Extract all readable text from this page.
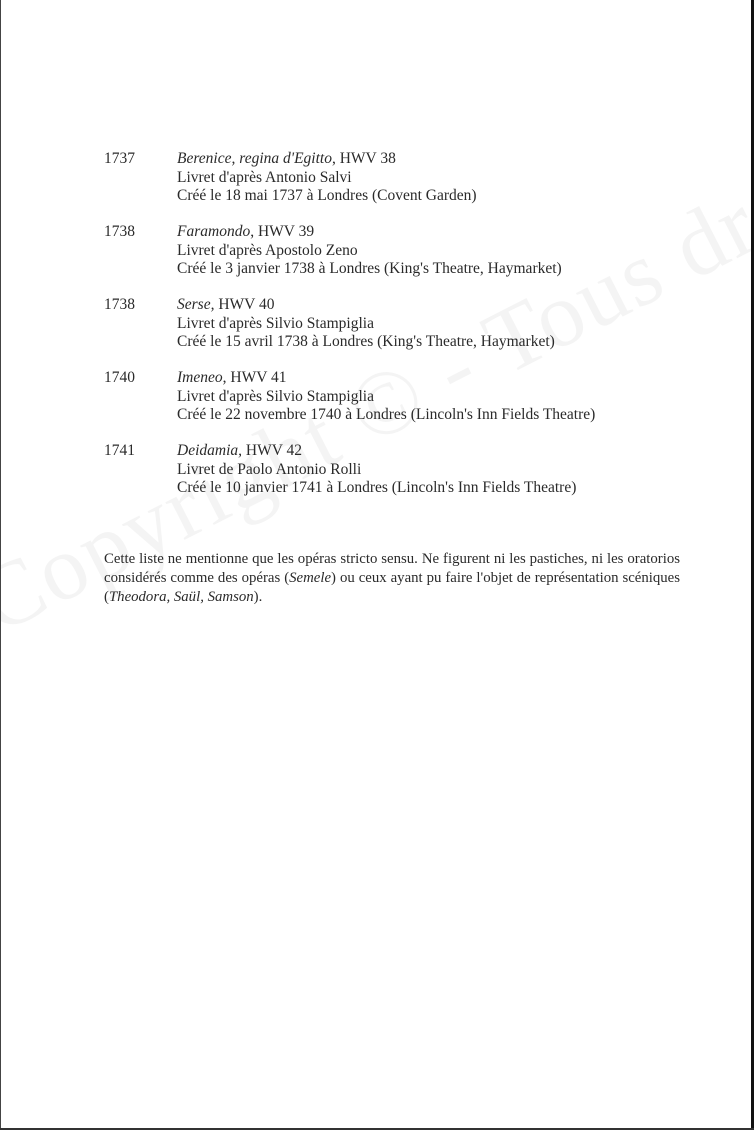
1737	Berenice, regina d'Egitto, HWV 38
Livret d'après Antonio Salvi
Créé le 18 mai 1737 à Londres (Covent Garden)
1738	Faramondo, HWV 39
Livret d'après Apostolo Zeno
Créé le 3 janvier 1738 à Londres (King's Theatre, Haymarket)
1738	Serse, HWV 40
Livret d'après Silvio Stampiglia
Créé le 15 avril 1738 à Londres (King's Theatre, Haymarket)
1740	Imeneo, HWV 41
Livret d'après Silvio Stampiglia
Créé le 22 novembre 1740 à Londres (Lincoln's Inn Fields Theatre)
1741	Deidamia, HWV 42
Livret de Paolo Antonio Rolli
Créé le 10 janvier 1741 à Londres (Lincoln's Inn Fields Theatre)

Cette liste ne mentionne que les opéras stricto sensu. Ne figurent ni les pastiches, ni les oratorios considérés comme des opéras (Semele) ou ceux ayant pu faire l'objet de représentation scéniques (Theodora, Saül, Samson).
